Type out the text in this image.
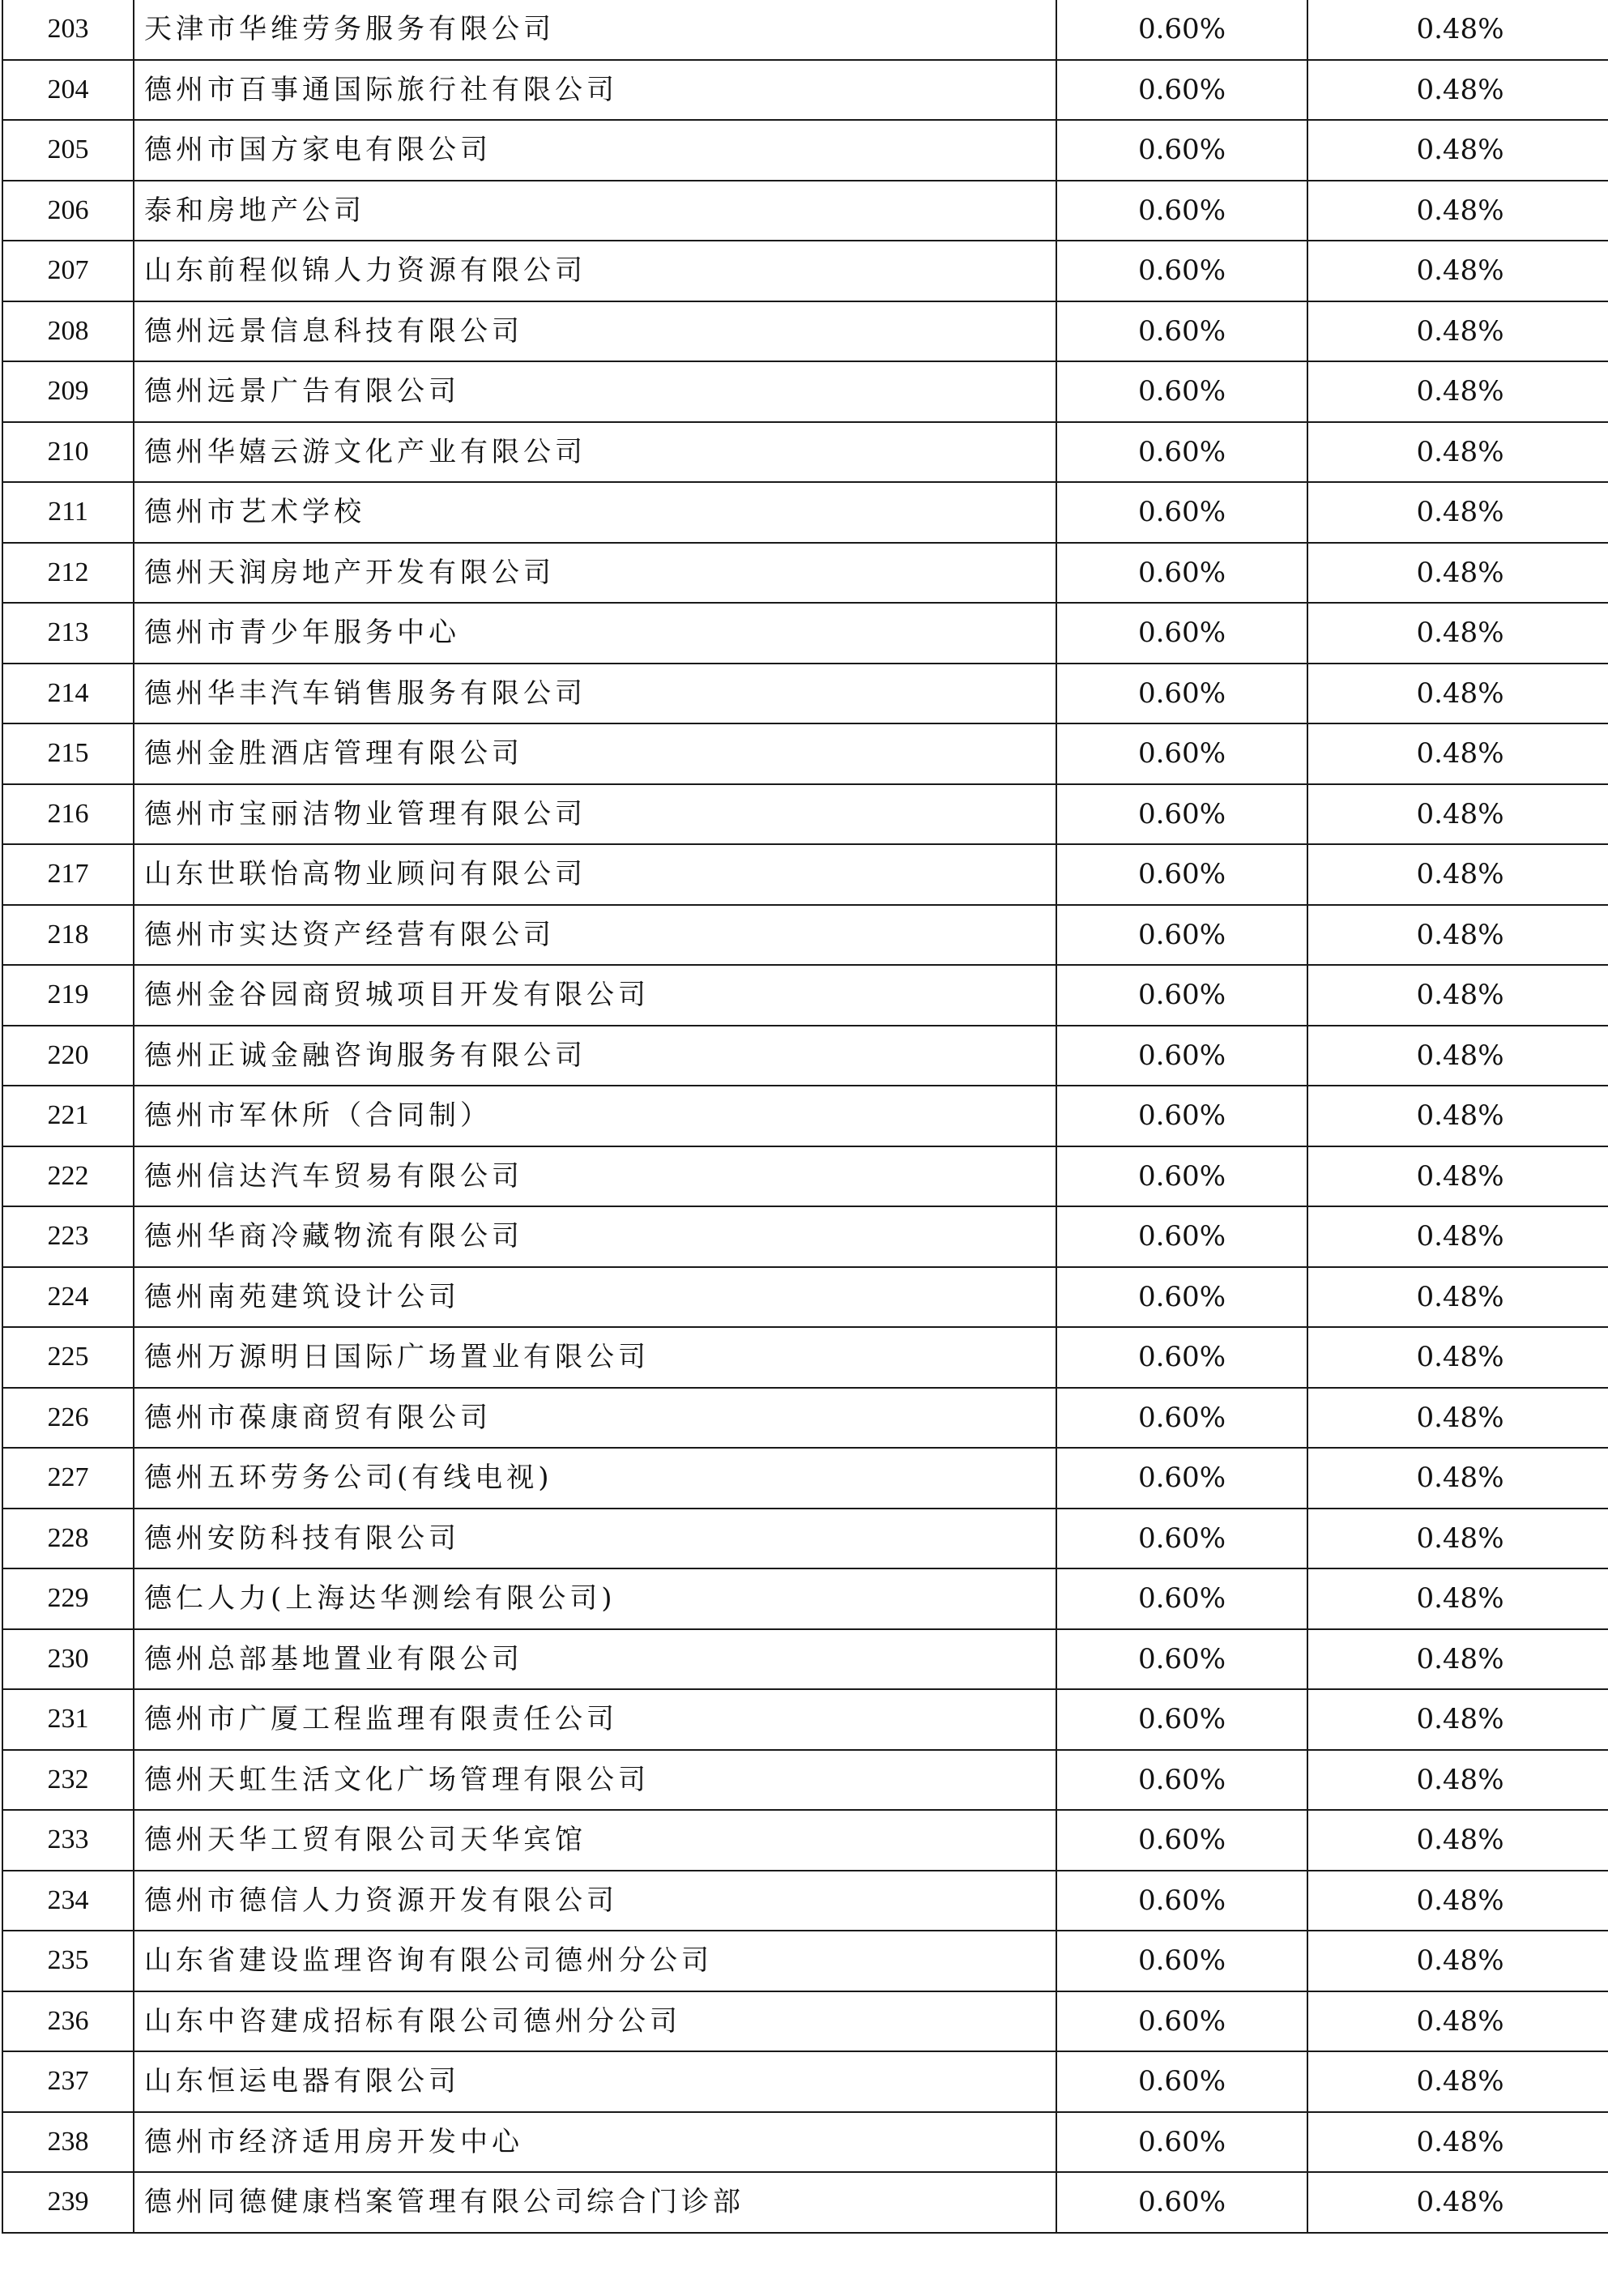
203	天津市华维劳务服务有限公司	0.60%	0.48%
204	德州市百事通国际旅行社有限公司	0.60%	0.48%
205	德州市国方家电有限公司	0.60%	0.48%
206	泰和房地产公司	0.60%	0.48%
207	山东前程似锦人力资源有限公司	0.60%	0.48%
208	德州远景信息科技有限公司	0.60%	0.48%
209	德州远景广告有限公司	0.60%	0.48%
210	德州华嬉云游文化产业有限公司	0.60%	0.48%
211	德州市艺术学校	0.60%	0.48%
212	德州天润房地产开发有限公司	0.60%	0.48%
213	德州市青少年服务中心	0.60%	0.48%
214	德州华丰汽车销售服务有限公司	0.60%	0.48%
215	德州金胜酒店管理有限公司	0.60%	0.48%
216	德州市宝丽洁物业管理有限公司	0.60%	0.48%
217	山东世联怡高物业顾问有限公司	0.60%	0.48%
218	德州市实达资产经营有限公司	0.60%	0.48%
219	德州金谷园商贸城项目开发有限公司	0.60%	0.48%
220	德州正诚金融咨询服务有限公司	0.60%	0.48%
221	德州市军休所（合同制）	0.60%	0.48%
222	德州信达汽车贸易有限公司	0.60%	0.48%
223	德州华商冷藏物流有限公司	0.60%	0.48%
224	德州南苑建筑设计公司	0.60%	0.48%
225	德州万源明日国际广场置业有限公司	0.60%	0.48%
226	德州市葆康商贸有限公司	0.60%	0.48%
227	德州五环劳务公司(有线电视)	0.60%	0.48%
228	德州安防科技有限公司	0.60%	0.48%
229	德仁人力(上海达华测绘有限公司)	0.60%	0.48%
230	德州总部基地置业有限公司	0.60%	0.48%
231	德州市广厦工程监理有限责任公司	0.60%	0.48%
232	德州天虹生活文化广场管理有限公司	0.60%	0.48%
233	德州天华工贸有限公司天华宾馆	0.60%	0.48%
234	德州市德信人力资源开发有限公司	0.60%	0.48%
235	山东省建设监理咨询有限公司德州分公司	0.60%	0.48%
236	山东中咨建成招标有限公司德州分公司	0.60%	0.48%
237	山东恒运电器有限公司	0.60%	0.48%
238	德州市经济适用房开发中心	0.60%	0.48%
239	德州同德健康档案管理有限公司综合门诊部	0.60%	0.48%
